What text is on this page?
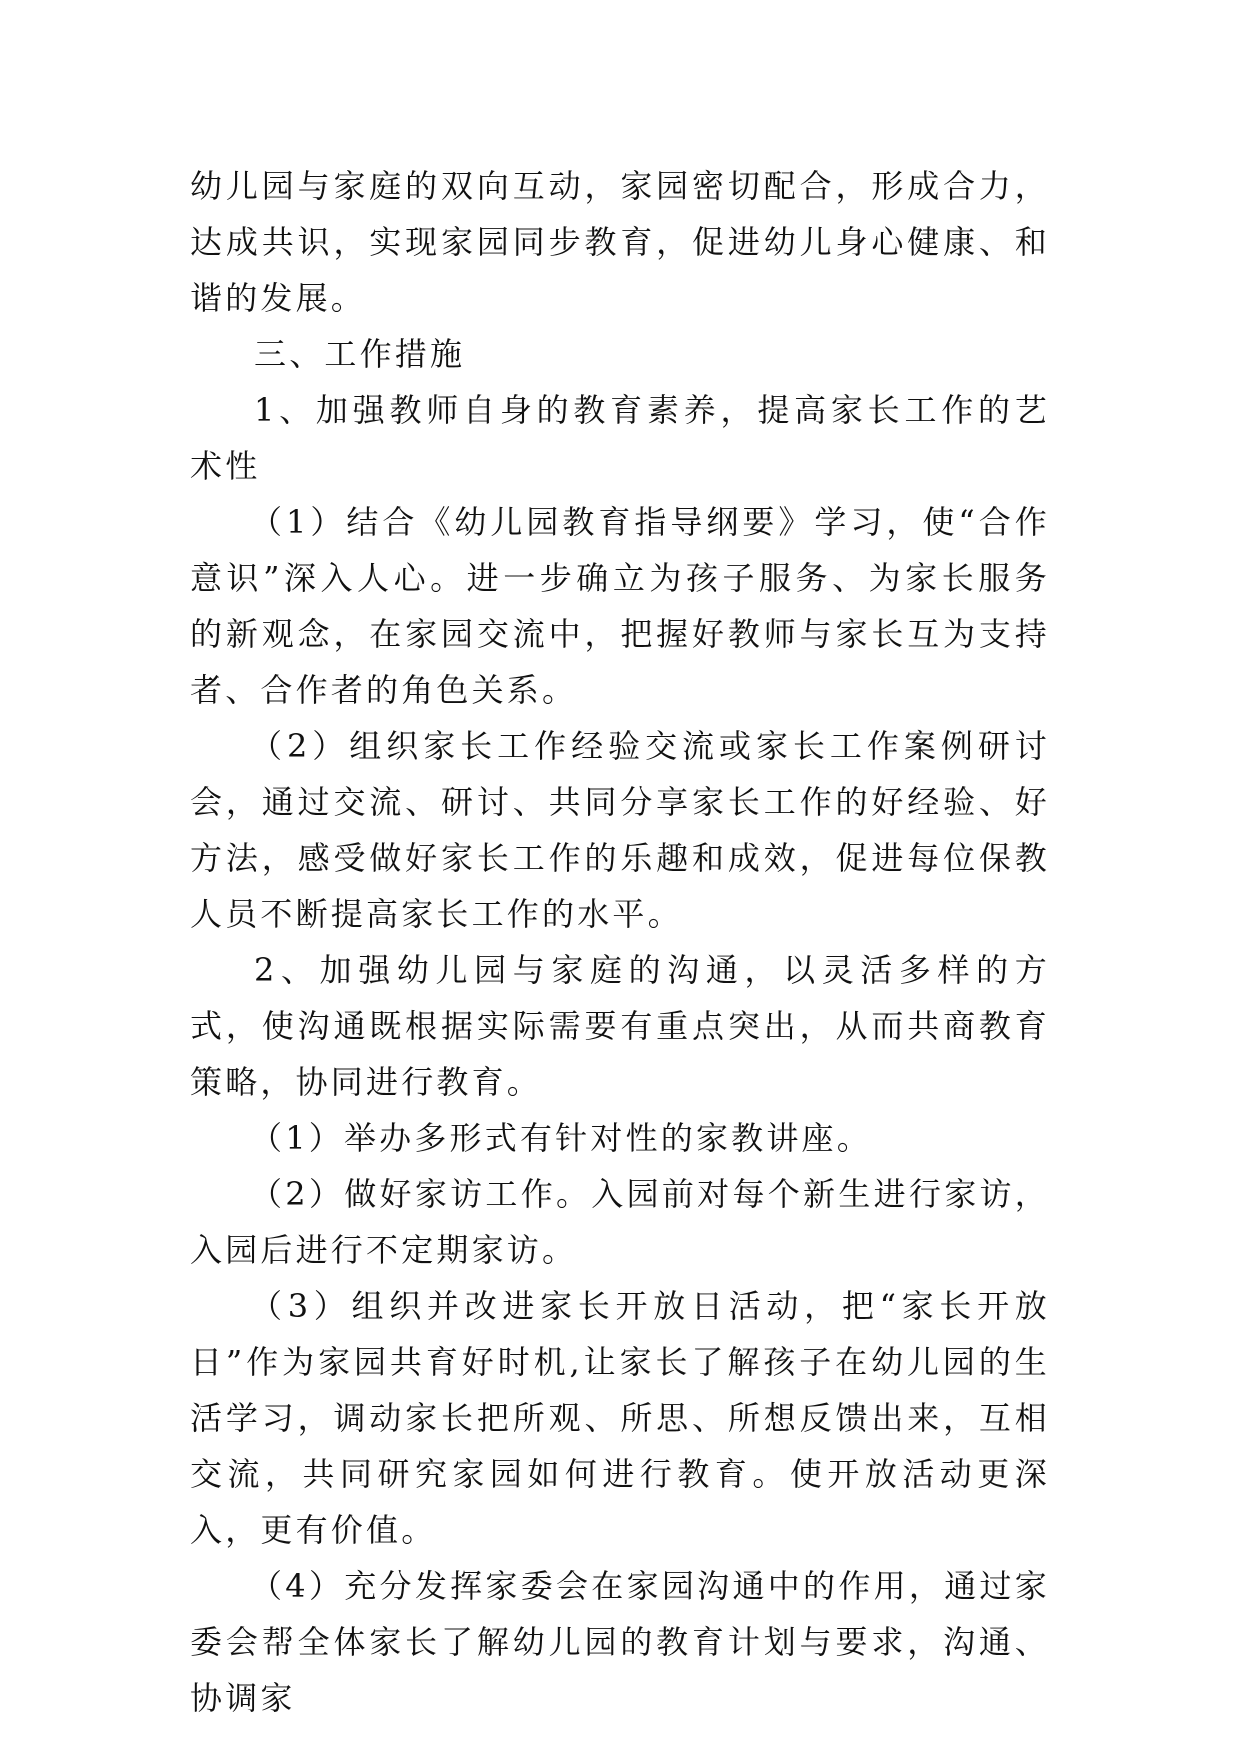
幼儿园与家庭的双向互动，家园密切配合，形成合力，达成共识，实现家园同步教育，促进幼儿身心健康、和谐的发展。

三、工作措施

1、加强教师自身的教育素养，提高家长工作的艺术性

（1）结合《幼儿园教育指导纲要》学习，使“合作意识”深入人心。进一步确立为孩子服务、为家长服务的新观念，在家园交流中，把握好教师与家长互为支持者、合作者的角色关系。

（2）组织家长工作经验交流或家长工作案例研讨会，通过交流、研讨、共同分享家长工作的好经验、好方法，感受做好家长工作的乐趣和成效，促进每位保教人员不断提高家长工作的水平。

2、加强幼儿园与家庭的沟通，以灵活多样的方式，使沟通既根据实际需要有重点突出，从而共商教育策略，协同进行教育。

（1）举办多形式有针对性的家教讲座。

（2）做好家访工作。入园前对每个新生进行家访，入园后进行不定期家访。

（3）组织并改进家长开放日活动，把“家长开放日”作为家园共育好时机,让家长了解孩子在幼儿园的生活学习，调动家长把所观、所思、所想反馈出来，互相交流，共同研究家园如何进行教育。使开放活动更深入，更有价值。

（4）充分发挥家委会在家园沟通中的作用，通过家委会帮全体家长了解幼儿园的教育计划与要求，沟通、协调家
